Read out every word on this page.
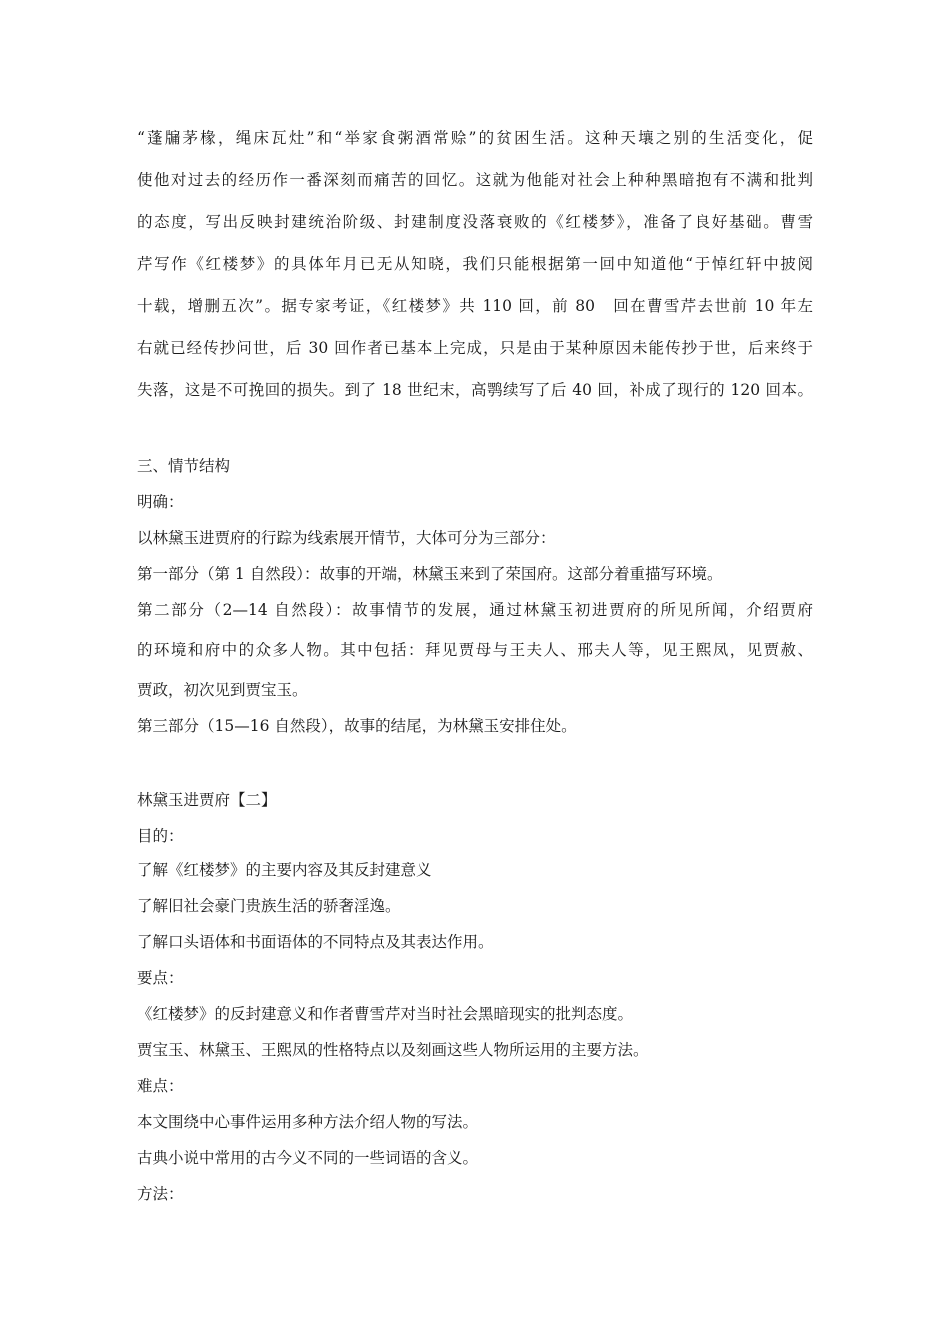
“蓬牖茅椽，绳床瓦灶”和“举家食粥酒常赊”的贫困生活。这种天壤之别的生活变化，促
使他对过去的经历作一番深刻而痛苦的回忆。这就为他能对社会上种种黑暗抱有不满和批判
的态度，写出反映封建统治阶级、封建制度没落衰败的《红楼梦》，准备了良好基础。曹雪
芹写作《红楼梦》的具体年月已无从知晓，我们只能根据第一回中知道他“于悼红轩中披阅
十载，增删五次”。据专家考证，《红楼梦》共 110 回，前 80　回在曹雪芹去世前 10 年左
右就已经传抄问世，后 30 回作者已基本上完成，只是由于某种原因未能传抄于世，后来终于
失落，这是不可挽回的损失。到了 18 世纪末，高鹗续写了后 40 回，补成了现行的 120 回本。
三、情节结构
明确：
以林黛玉进贾府的行踪为线索展开情节，大体可分为三部分：
第一部分（第 1 自然段）：故事的开端，林黛玉来到了荣国府。这部分着重描写环境。
第二部分（2—14 自然段）：故事情节的发展，通过林黛玉初进贾府的所见所闻，介绍贾府
的环境和府中的众多人物。其中包括：拜见贾母与王夫人、邢夫人等，见王熙凤，见贾赦、
贾政，初次见到贾宝玉。
第三部分（15—16 自然段），故事的结尾，为林黛玉安排住处。
林黛玉进贾府【二】
目的：
了解《红楼梦》的主要内容及其反封建意义
了解旧社会豪门贵族生活的骄奢淫逸。
了解口头语体和书面语体的不同特点及其表达作用。
要点：
《红楼梦》的反封建意义和作者曹雪芹对当时社会黑暗现实的批判态度。
贾宝玉、林黛玉、王熙凤的性格特点以及刻画这些人物所运用的主要方法。
难点：
本文围绕中心事件运用多种方法介绍人物的写法。
古典小说中常用的古今义不同的一些词语的含义。
方法：
